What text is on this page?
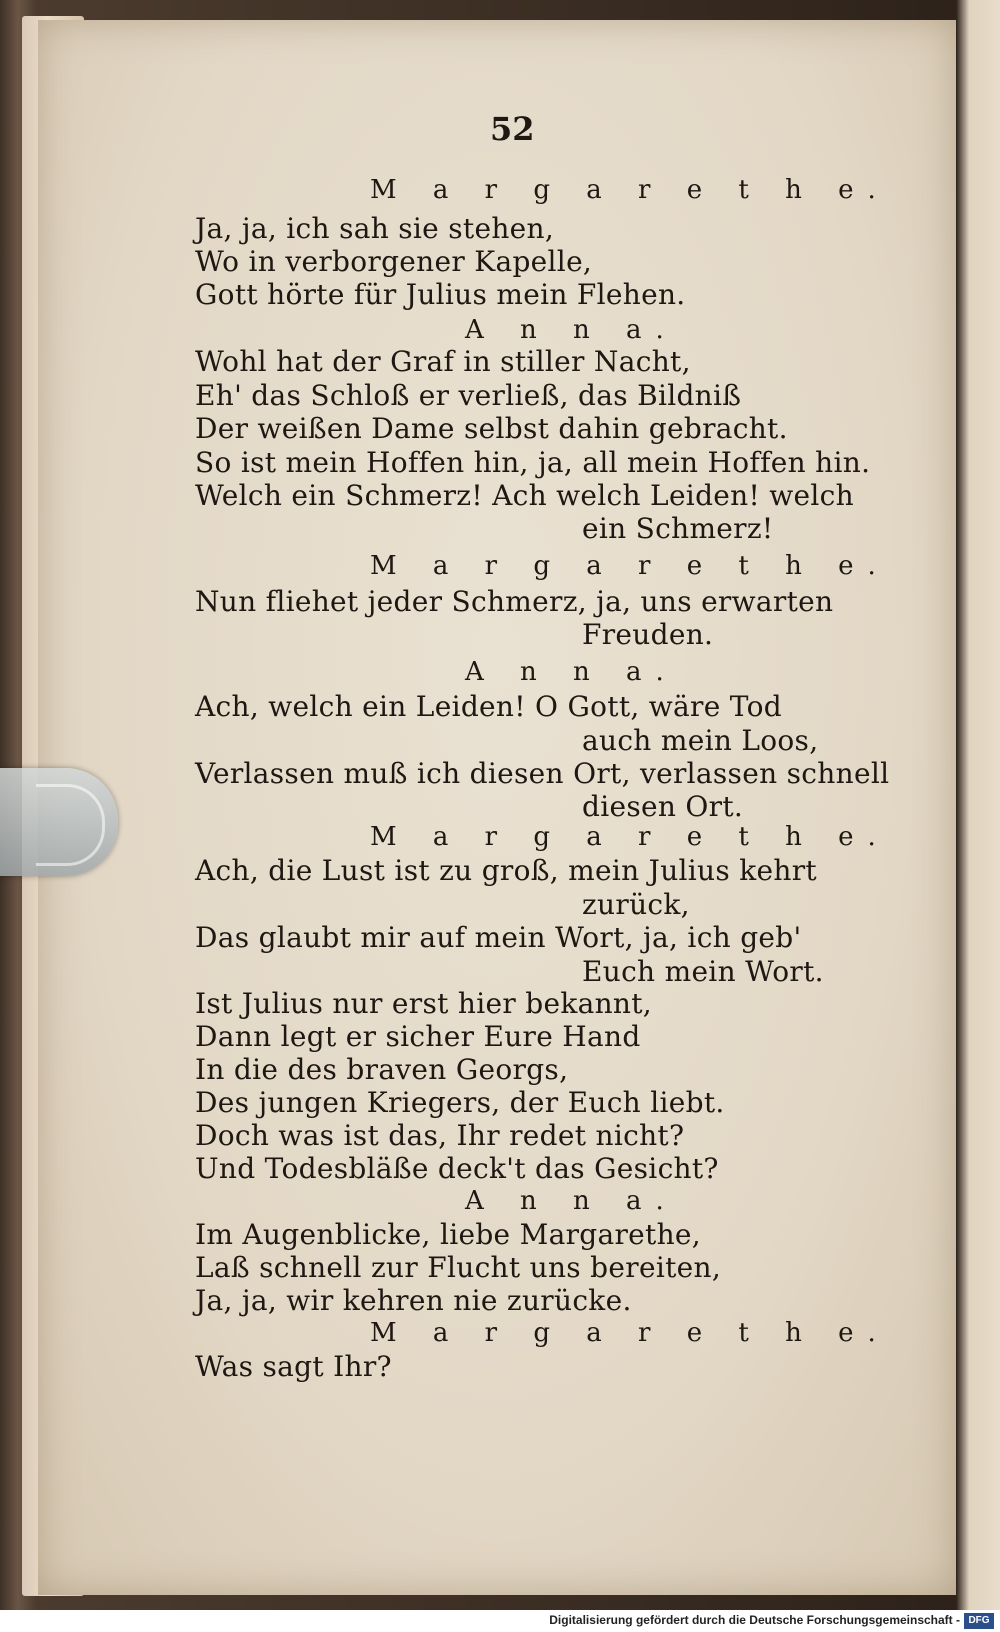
52
M a r g a r e t h e.
Ja, ja, ich sah sie stehen,
Wo in verborgener Kapelle,
Gott hörte für Julius mein Flehen.
A n n a.
Wohl hat der Graf in stiller Nacht,
Eh' das Schloß er verließ, das Bildniß
Der weißen Dame selbst dahin gebracht.
So ist mein Hoffen hin, ja, all mein Hoffen hin.
Welch ein Schmerz! Ach welch Leiden! welch
ein Schmerz!
M a r g a r e t h e.
Nun fliehet jeder Schmerz, ja, uns erwarten
Freuden.
A n n a.
Ach, welch ein Leiden! O Gott, wäre Tod
auch mein Loos,
Verlassen muß ich diesen Ort, verlassen schnell
diesen Ort.
M a r g a r e t h e.
Ach, die Lust ist zu groß, mein Julius kehrt
zurück,
Das glaubt mir auf mein Wort, ja, ich geb'
Euch mein Wort.
Ist Julius nur erst hier bekannt,
Dann legt er sicher Eure Hand
In die des braven Georgs,
Des jungen Kriegers, der Euch liebt.
Doch was ist das, Ihr redet nicht?
Und Todesbläße deck't das Gesicht?
A n n a.
Im Augenblicke, liebe Margarethe,
Laß schnell zur Flucht uns bereiten,
Ja, ja, wir kehren nie zurücke.
M a r g a r e t h e.
Was sagt Ihr?
Digitalisierung gefördert durch die Deutsche Forschungsgemeinschaft - DFG
